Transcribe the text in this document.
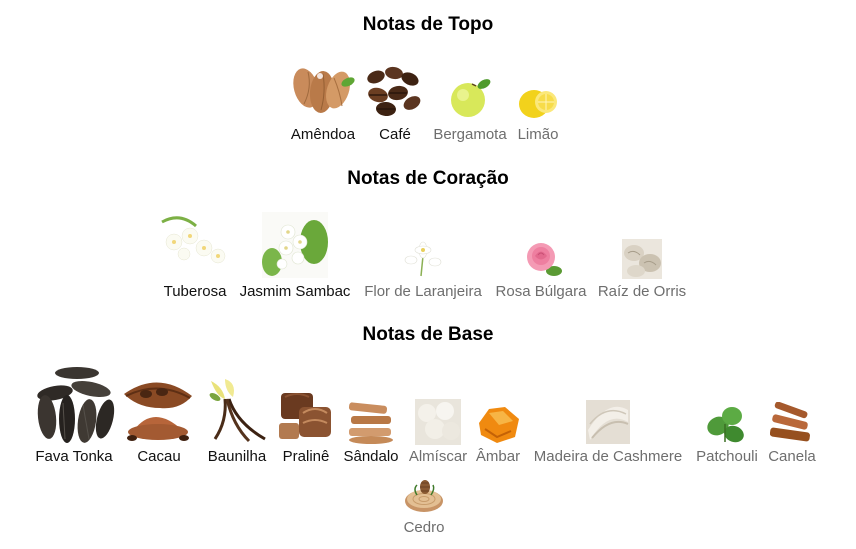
Notas de Topo
Notas de Coração
Notas de Base
Amêndoa Café Bergamota Limão
Tuberosa Jasmim Sambac Flor de Laranjeira Rosa Búlgara Raíz de Orris
Fava Tonka Cacau Baunilha Pralinê Sândalo Almíscar Âmbar Madeira de Cashmere Patchouli Canela
Cedro
